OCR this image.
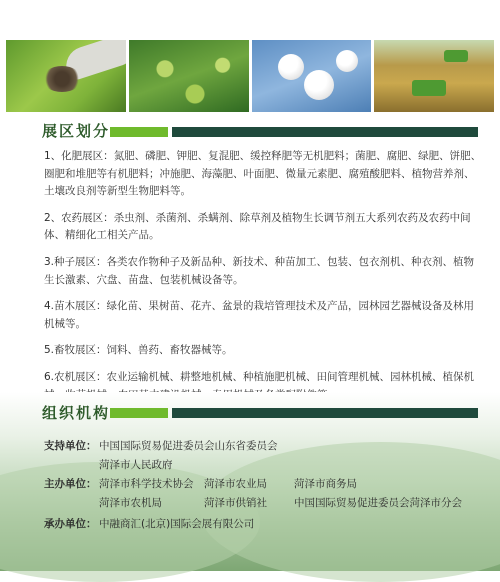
展区划分

1、化肥展区：氮肥、磷肥、钾肥、复混肥、缓控释肥等无机肥料；菌肥、腐肥、绿肥、饼肥、 圈肥和堆肥等有机肥料；冲施肥、海藻肥、叶面肥、微量元素肥、腐殖酸肥料、植物营养剂、土壤改良剂等新型生物肥料等。

2、农药展区：杀虫剂、杀菌剂、杀螨剂、除草剂及植物生长调节剂五大系列农药及农药中间体、精细化工相关产品。

3.种子展区：各类农作物种子及新品种、新技术、种苗加工、包装、包衣剂机、种衣剂、植物生长激素、穴盘、苗盘、包装机械设备等。

4.苗木展区：绿化苗、果树苗、花卉、盆景的栽培管理技术及产品，园林园艺器械设备及林用机械等。

5.畜牧展区：饲料、兽药、畜牧器械等。

6.农机展区：农业运输机械、耕整地机械、种植施肥机械、田间管理机械、园林机械、植保机

组织机构
支持单位： 中国国际贸易促进委员会山东省委员会
菏泽市人民政府
主办单位： 菏泽市科学技术协会 菏泽市农业局	菏泽市商务局
菏泽市农机局	菏泽市供销社	中国国际贸易促进委员会菏泽市分会
承办单位： 中融商汇(北京)国际会展有限公司
